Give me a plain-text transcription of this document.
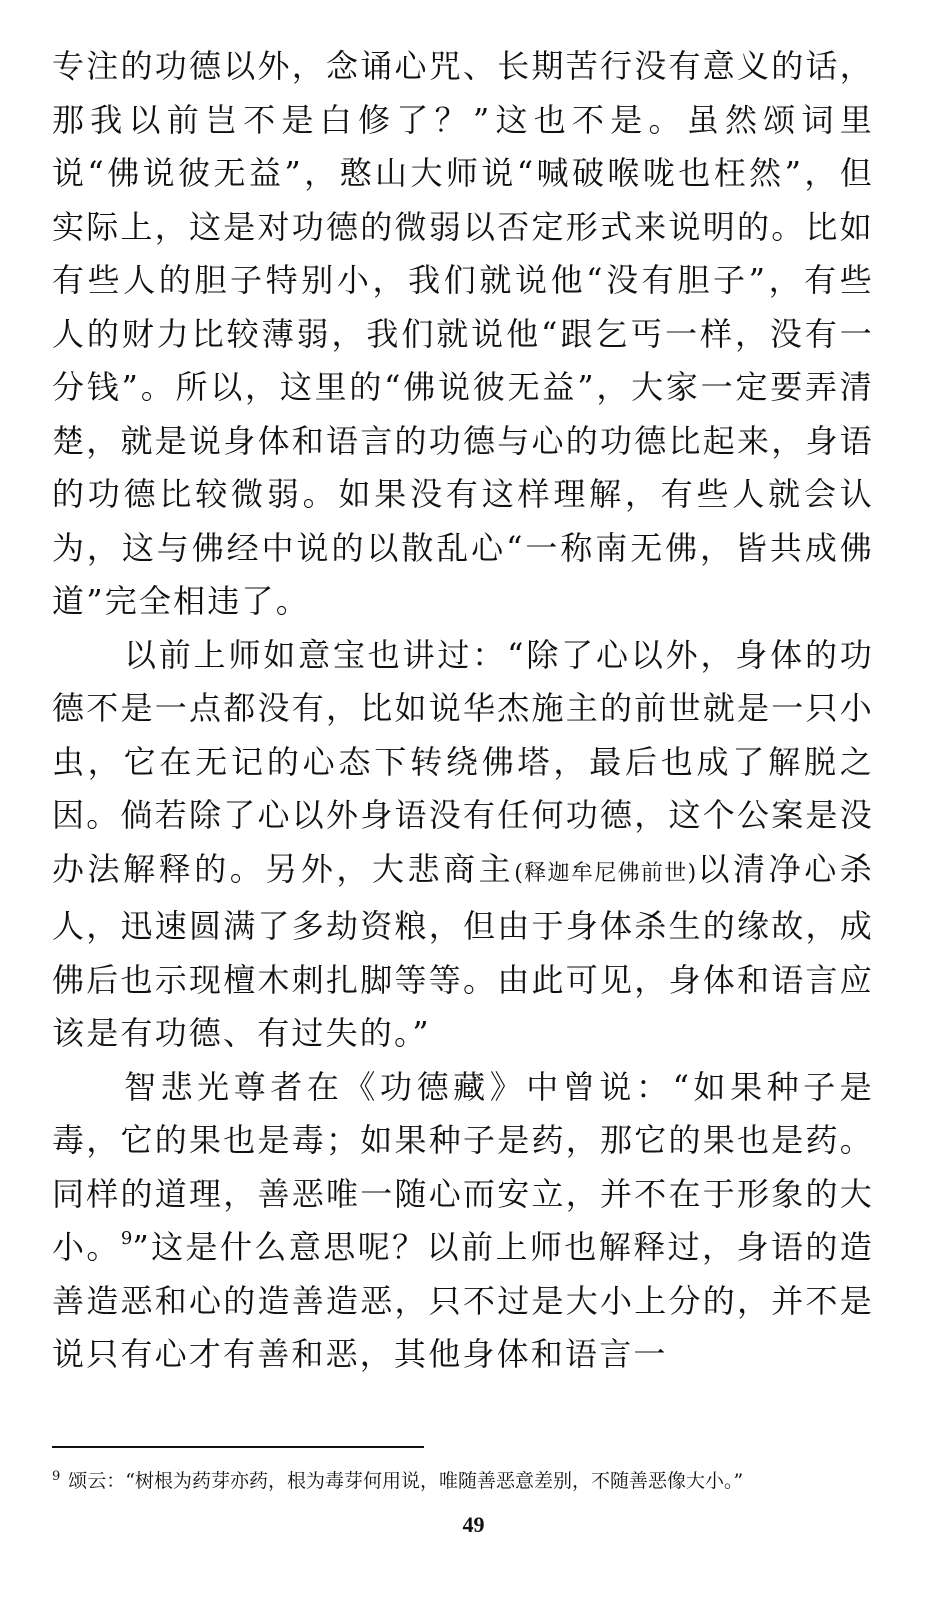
专注的功德以外，念诵心咒、长期苦行没有意义的话，那我以前岂不是白修了？”这也不是。虽然颂词里说“佛说彼无益”，憨山大师说“喊破喉咙也枉然”，但实际上，这是对功德的微弱以否定形式来说明的。比如有些人的胆子特别小，我们就说他“没有胆子”，有些人的财力比较薄弱，我们就说他“跟乞丐一样，没有一分钱”。所以，这里的“佛说彼无益”，大家一定要弄清楚，就是说身体和语言的功德与心的功德比起来，身语的功德比较微弱。如果没有这样理解，有些人就会认为，这与佛经中说的以散乱心“一称南无佛，皆共成佛道”完全相违了。

以前上师如意宝也讲过：“除了心以外，身体的功德不是一点都没有，比如说华杰施主的前世就是一只小虫，它在无记的心态下转绕佛塔，最后也成了解脱之因。倘若除了心以外身语没有任何功德，这个公案是没办法解释的。另外，大悲商主(释迦牟尼佛前世)以清净心杀人，迅速圆满了多劫资粮，但由于身体杀生的缘故，成佛后也示现檀木刺扎脚等等。由此可见，身体和语言应该是有功德、有过失的。”

智悲光尊者在《功德藏》中曾说：“如果种子是毒，它的果也是毒；如果种子是药，那它的果也是药。同样的道理，善恶唯一随心而安立，并不在于形象的大小。$^9$”这是什么意思呢？以前上师也解释过，身语的造善造恶和心的造善造恶，只不过是大小上分的，并不是说只有心才有善和恶，其他身体和语言一

$^9$ 颂云：“树根为药芽亦药，根为毒芽何用说，唯随善恶意差别，不随善恶像大小。”
49
